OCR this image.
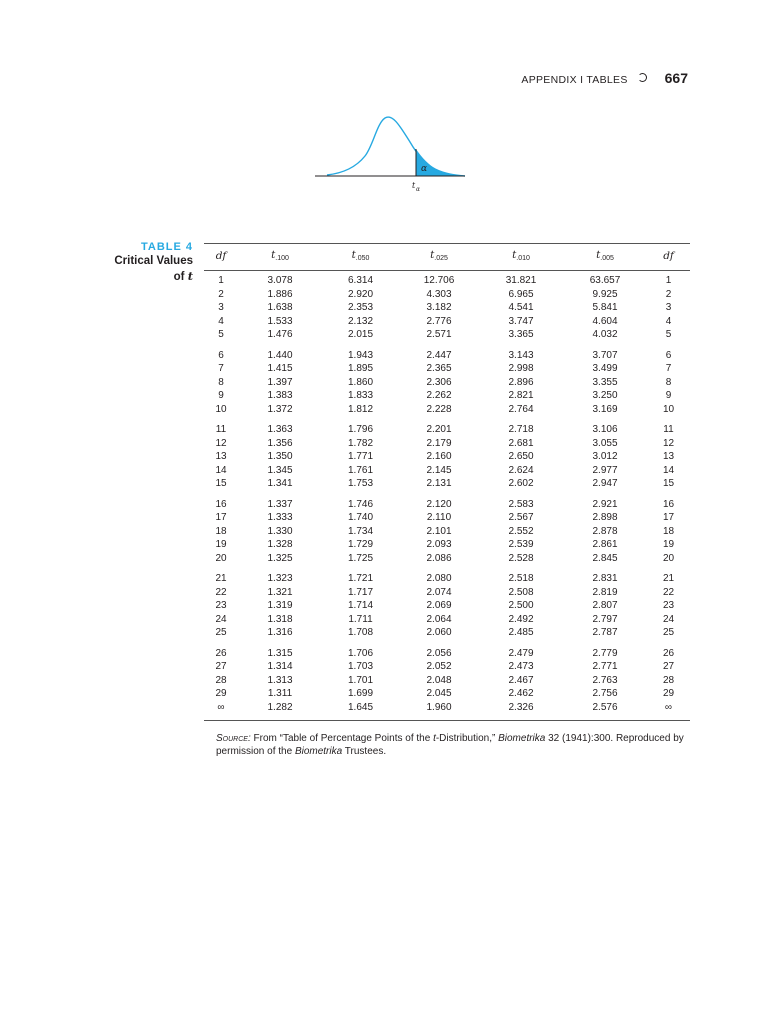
APPENDIX I TABLES	667
α
t α
TABLE 4
Critical Values
of t
df	$t_{.100}$	$t_{.050}$	$t_{.025}$	$t_{.010}$	$t_{.005}$	df
1	3.078	6.314	12.706	31.821	63.657	1
2	1.886	2.920	4.303	6.965	9.925	2
3	1.638	2.353	3.182	4.541	5.841	3
4	1.533	2.132	2.776	3.747	4.604	4
5	1.476	2.015	2.571	3.365	4.032	5
6	1.440	1.943	2.447	3.143	3.707	6
7	1.415	1.895	2.365	2.998	3.499	7
8	1.397	1.860	2.306	2.896	3.355	8
9	1.383	1.833	2.262	2.821	3.250	9
10	1.372	1.812	2.228	2.764	3.169	10
11	1.363	1.796	2.201	2.718	3.106	11
12	1.356	1.782	2.179	2.681	3.055	12
13	1.350	1.771	2.160	2.650	3.012	13
14	1.345	1.761	2.145	2.624	2.977	14
15	1.341	1.753	2.131	2.602	2.947	15
16	1.337	1.746	2.120	2.583	2.921	16
17	1.333	1.740	2.110	2.567	2.898	17
18	1.330	1.734	2.101	2.552	2.878	18
19	1.328	1.729	2.093	2.539	2.861	19
20	1.325	1.725	2.086	2.528	2.845	20
21	1.323	1.721	2.080	2.518	2.831	21
22	1.321	1.717	2.074	2.508	2.819	22
23	1.319	1.714	2.069	2.500	2.807	23
24	1.318	1.711	2.064	2.492	2.797	24
25	1.316	1.708	2.060	2.485	2.787	25
26	1.315	1.706	2.056	2.479	2.779	26
27	1.314	1.703	2.052	2.473	2.771	27
28	1.313	1.701	2.048	2.467	2.763	28
29	1.311	1.699	2.045	2.462	2.756	29
∞	1.282	1.645	1.960	2.326	2.576	∞
Source: From “Table of Percentage Points of the t-Distribution,” Biometrika 32 (1941):300. Reproduced by permission of the Biometrika Trustees.
